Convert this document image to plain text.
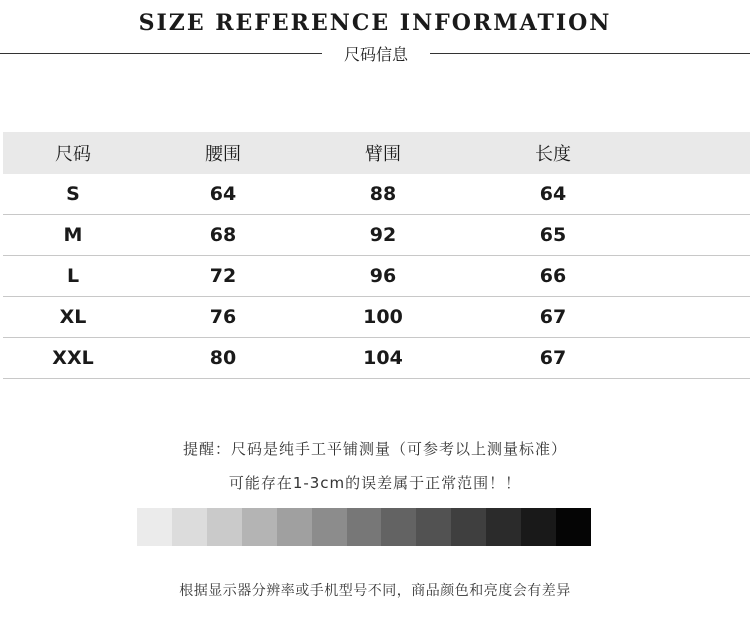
SIZE REFERENCE INFORMATION
尺码信息
尺码	腰围	臂围	长度
S	64	88	64
M	68	92	65
L	72	96	66
XL	76	100	67
XXL	80	104	67
提醒：尺码是纯手工平铺测量（可参考以上测量标准）
可能存在1-3cm的误差属于正常范围！！
根据显示器分辨率或手机型号不同，商品颜色和亮度会有差异
